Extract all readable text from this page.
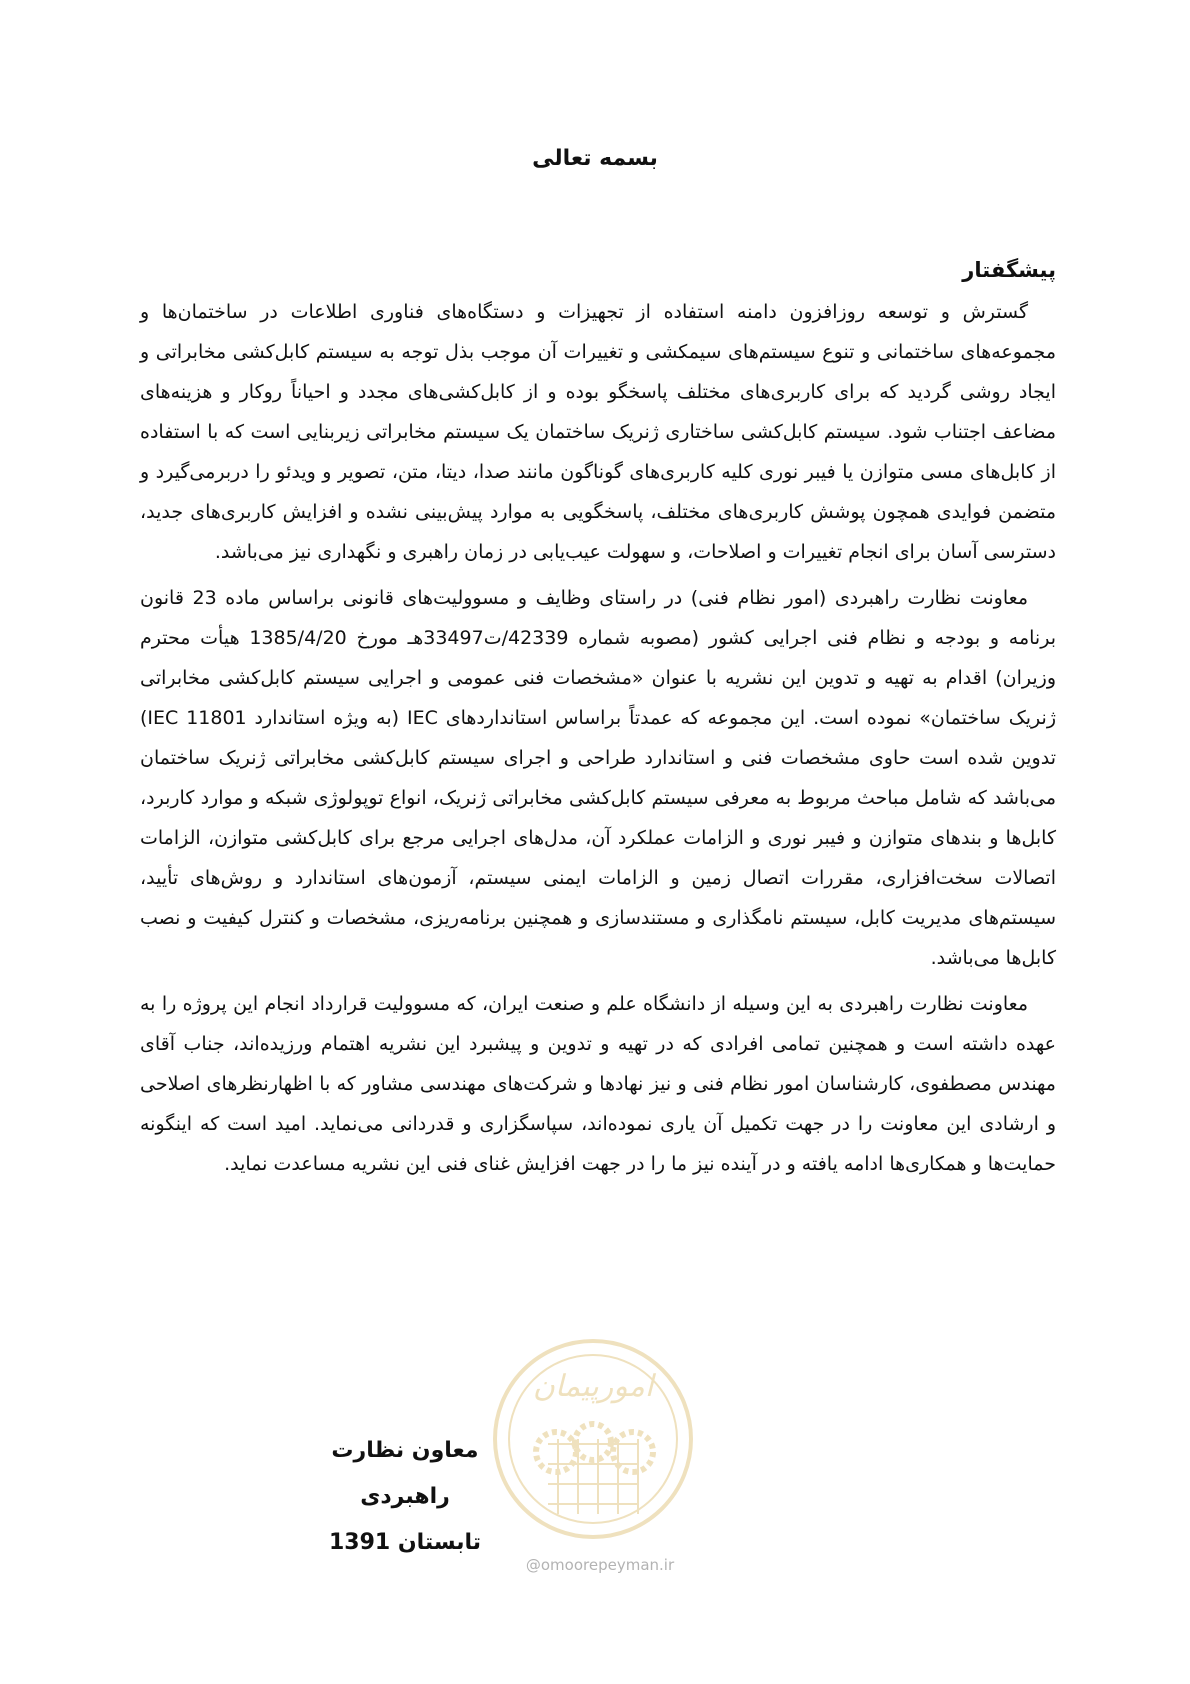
بسمه تعالی
پیشگفتار

گسترش و توسعه روزافزون دامنه استفاده از تجهیزات و دستگاه‌های فناوری اطلاعات در ساختمان‌ها و مجموعه‌های ساختمانی و تنوع سیستم‌های سیمکشی و تغییرات آن موجب بذل توجه به سیستم کابل‌کشی مخابراتی و ایجاد روشی گردید که برای کاربری‌های مختلف پاسخگو بوده و از کابل‌کشی‌های مجدد و احیاناً روکار و هزینه‌های مضاعف اجتناب شود. سیستم کابل‌کشی ساختاری ژنریک ساختمان یک سیستم مخابراتی زیربنایی است که با استفاده از کابل‌های مسی متوازن یا فیبر نوری کلیه کاربری‌های گوناگون مانند صدا، دیتا، متن، تصویر و ویدئو را دربرمی‌گیرد و متضمن فوایدی همچون پوشش کاربری‌های مختلف، پاسخگویی به موارد پیش‌بینی نشده و افزایش کاربری‌های جدید، دسترسی آسان برای انجام تغییرات و اصلاحات، و سهولت عیب‌یابی در زمان راهبری و نگهداری نیز می‌باشد.

معاونت نظارت راهبردی (امور نظام فنی) در راستای وظایف و مسوولیت‌های قانونی براساس ماده 23 قانون برنامه و بودجه و نظام فنی اجرایی کشور (مصوبه شماره 42339/ت33497هـ مورخ 1385/4/20 هیأت محترم وزیران) اقدام به تهیه و تدوین این نشریه با عنوان «مشخصات فنی عمومی و اجرایی سیستم کابل‌کشی مخابراتی ژنریک ساختمان» نموده است. این مجموعه که عمدتاً براساس استانداردهای IEC (به ویژه استاندارد IEC 11801) تدوین شده است حاوی مشخصات فنی و استاندارد طراحی و اجرای سیستم کابل‌کشی مخابراتی ژنریک ساختمان می‌باشد که شامل مباحث مربوط به معرفی سیستم کابل‌کشی مخابراتی ژنریک، انواع توپولوژی شبکه و موارد کاربرد، کابل‌ها و بندهای متوازن و فیبر نوری و الزامات عملکرد آن، مدل‌های اجرایی مرجع برای کابل‌کشی متوازن، الزامات اتصالات سخت‌افزاری، مقررات اتصال زمین و الزامات ایمنی سیستم، آزمون‌های استاندارد و روش‌های تأیید، سیستم‌های مدیریت کابل، سیستم نامگذاری و مستندسازی و همچنین برنامه‌ریزی، مشخصات و کنترل کیفیت و نصب کابل‌ها می‌باشد.

معاونت نظارت راهبردی به این وسیله از دانشگاه علم و صنعت ایران، که مسوولیت قرارداد انجام این پروژه را به عهده داشته است و همچنین تمامی افرادی که در تهیه و تدوین و پیشبرد این نشریه اهتمام ورزیده‌اند، جناب آقای مهندس مصطفوی، کارشناسان امور نظام فنی و نیز نهادها و شرکت‌های مهندسی مشاور که با اظهارنظرهای اصلاحی و ارشادی این معاونت را در جهت تکمیل آن یاری نموده‌اند، سپاسگزاری و قدردانی می‌نماید. امید است که اینگونه حمایت‌ها و همکاری‌ها ادامه یافته و در آینده نیز ما را در جهت افزایش غنای فنی این نشریه مساعدت نماید.

امورپیمان
معاون نظارت راهبردی
تابستان 1391
@omoorepeyman.ir
